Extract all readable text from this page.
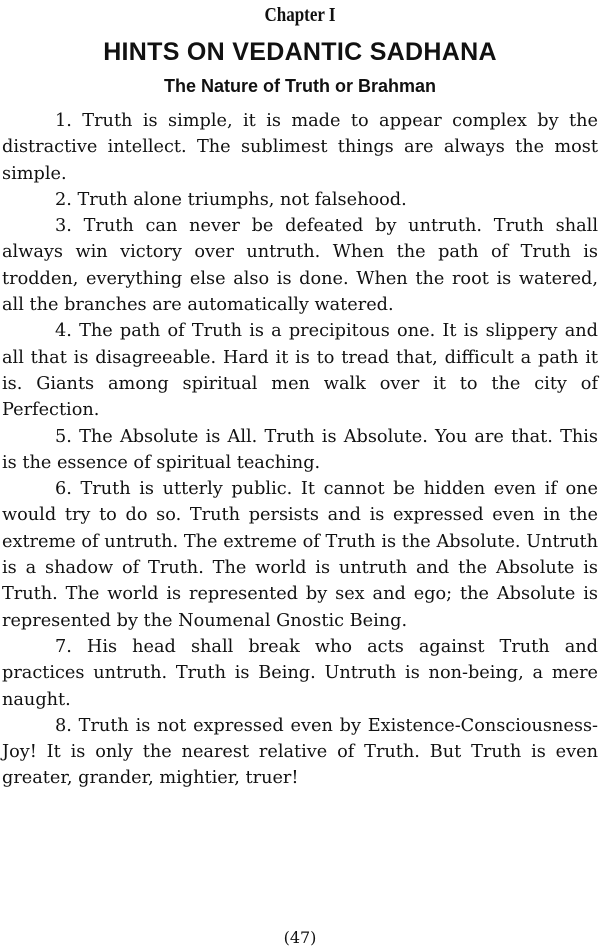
Chapter I
HINTS ON VEDANTIC SADHANA
The Nature of Truth or Brahman

1. Truth is simple, it is made to appear complex by the distractive intellect. The sublimest things are always the most simple.

2. Truth alone triumphs, not falsehood.

3. Truth can never be defeated by untruth. Truth shall always win victory over untruth. When the path of Truth is trodden, everything else also is done. When the root is watered, all the branches are automatically watered.

4. The path of Truth is a precipitous one. It is slippery and all that is disagreeable. Hard it is to tread that, difficult a path it is. Giants among spiritual men walk over it to the city of Perfection.

5. The Absolute is All. Truth is Absolute. You are that. This is the essence of spiritual teaching.

6. Truth is utterly public. It cannot be hidden even if one would try to do so. Truth persists and is expressed even in the extreme of untruth. The extreme of Truth is the Absolute. Untruth is a shadow of Truth. The world is untruth and the Absolute is Truth. The world is represented by sex and ego; the Absolute is represented by the Noumenal Gnostic Being.

7. His head shall break who acts against Truth and practices untruth. Truth is Being. Untruth is non-being, a mere naught.

8. Truth is not expressed even by Existence-Consciousness-Joy! It is only the nearest relative of Truth. But Truth is even greater, grander, mightier, truer!

(47)
